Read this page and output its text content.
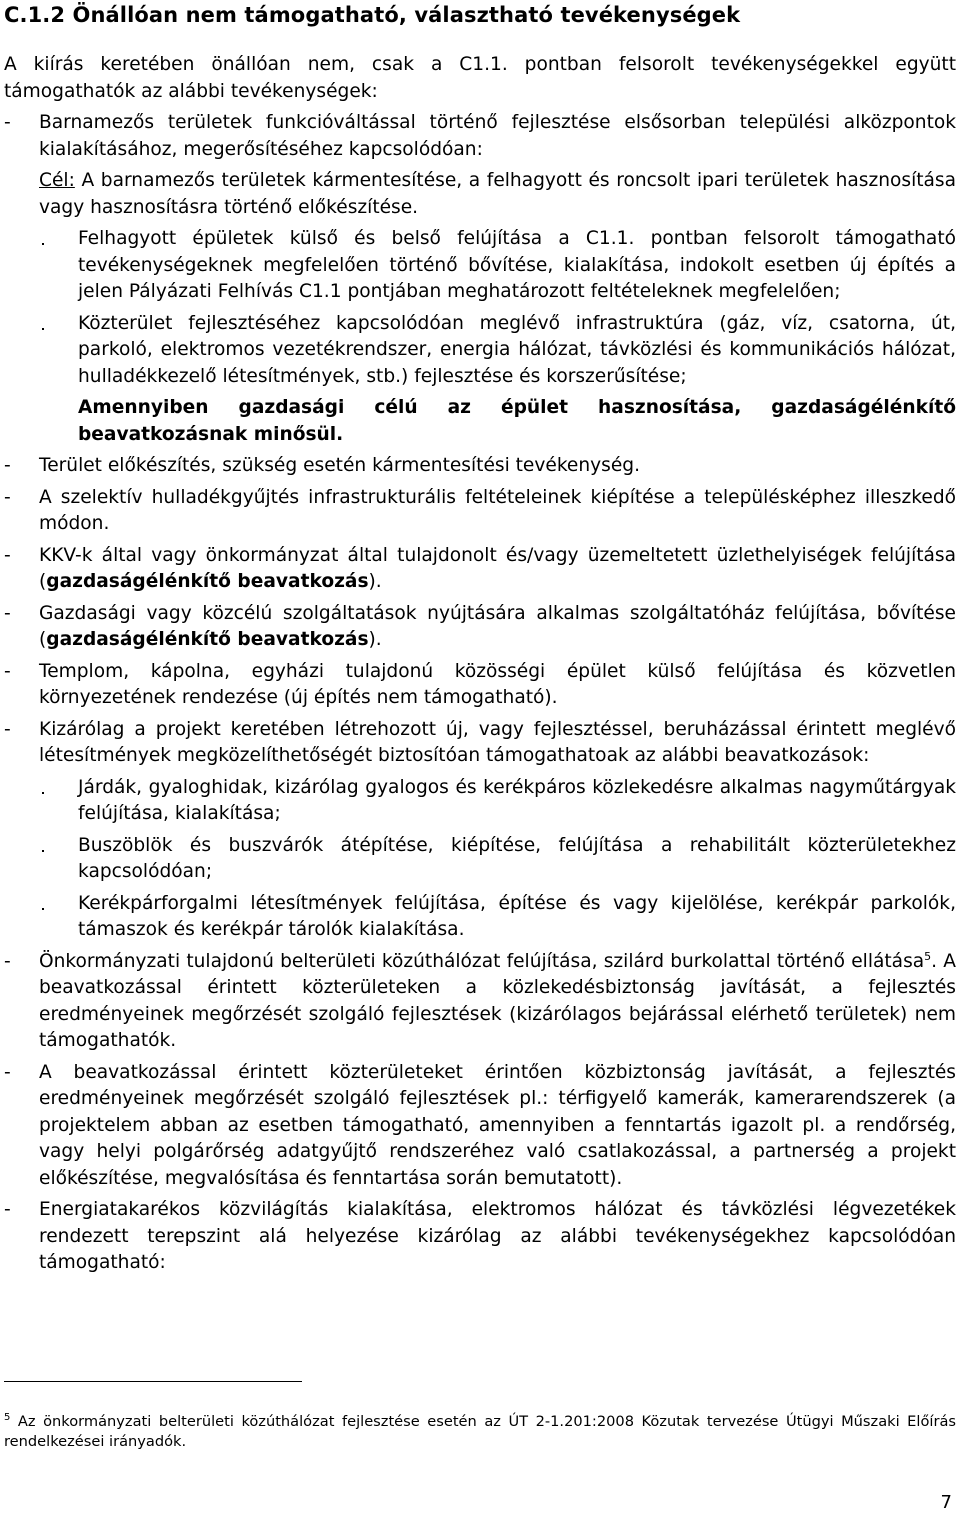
C.1.2 Önállóan nem támogatható, választható tevékenységek

A kiírás keretében önállóan nem, csak a C1.1. pontban felsorolt tevékenységekkel együtt támogathatók az alábbi tevékenységek:

- Barnamezős területek funkcióváltással történő fejlesztése elsősorban települési alközpontok kialakításához, megerősítéséhez kapcsolódóan:

Cél: A barnamezős területek kármentesítése, a felhagyott és roncsolt ipari területek hasznosítása vagy hasznosításra történő előkészítése.

Felhagyott épületek külső és belső felújítása a C1.1. pontban felsorolt támogatható tevékenységeknek megfelelően történő bővítése, kialakítása, indokolt esetben új építés a jelen Pályázati Felhívás C1.1 pontjában meghatározott feltételeknek megfelelően;

Közterület fejlesztéséhez kapcsolódóan meglévő infrastruktúra (gáz, víz, csatorna, út, parkoló, elektromos vezetékrendszer, energia hálózat, távközlési és kommunikációs hálózat, hulladékkezelő létesítmények, stb.) fejlesztése és korszerűsítése;

Amennyiben gazdasági célú az épület hasznosítása, gazdaságélénkítő beavatkozásnak minősül.

- Terület előkészítés, szükség esetén kármentesítési tevékenység.

- A szelektív hulladékgyűjtés infrastrukturális feltételeinek kiépítése a településképhez illeszkedő módon.

- KKV-k által vagy önkormányzat által tulajdonolt és/vagy üzemeltetett üzlethelyiségek felújítása (gazdaságélénkítő beavatkozás).

- Gazdasági vagy közcélú szolgáltatások nyújtására alkalmas szolgáltatóház felújítása, bővítése (gazdaságélénkítő beavatkozás).

- Templom, kápolna, egyházi tulajdonú közösségi épület külső felújítása és közvetlen környezetének rendezése (új építés nem támogatható).

- Kizárólag a projekt keretében létrehozott új, vagy fejlesztéssel, beruházással érintett meglévő létesítmények megközelíthetőségét biztosítóan támogathatoak az alábbi beavatkozások:

Járdák, gyaloghidak, kizárólag gyalogos és kerékpáros közlekedésre alkalmas nagyműtárgyak felújítása, kialakítása;

Buszöblök és buszvárók átépítése, kiépítése, felújítása a rehabilitált közterületekhez kapcsolódóan;

Kerékpárforgalmi létesítmények felújítása, építése és vagy kijelölése, kerékpár parkolók, támaszok és kerékpár tárolók kialakítása.

- Önkormányzati tulajdonú belterületi közúthálózat felújítása, szilárd burkolattal történő ellátása$^5$. A beavatkozással érintett közterületeken a közlekedésbiztonság javítását, a fejlesztés eredményeinek megőrzését szolgáló fejlesztések (kizárólagos bejárással elérhető területek) nem támogathatók.

- A beavatkozással érintett közterületeket érintően közbiztonság javítását, a fejlesztés eredményeinek megőrzését szolgáló fejlesztések pl.: térfigyelő kamerák, kamerarendszerek (a projektelem abban az esetben támogatható, amennyiben a fenntartás igazolt pl. a rendőrség, vagy helyi polgárőrség adatgyűjtő rendszeréhez való csatlakozással, a partnerség a projekt előkészítése, megvalósítása és fenntartása során bemutatott).

- Energiatakarékos közvilágítás kialakítása, elektromos hálózat és távközlési légvezetékek rendezett terepszint alá helyezése kizárólag az alábbi tevékenységekhez kapcsolódóan támogatható:

$^5$ Az önkormányzati belterületi közúthálózat fejlesztése esetén az ÚT 2-1.201:2008 Közutak tervezése Útügyi Műszaki Előírás rendelkezései irányadók.

7
